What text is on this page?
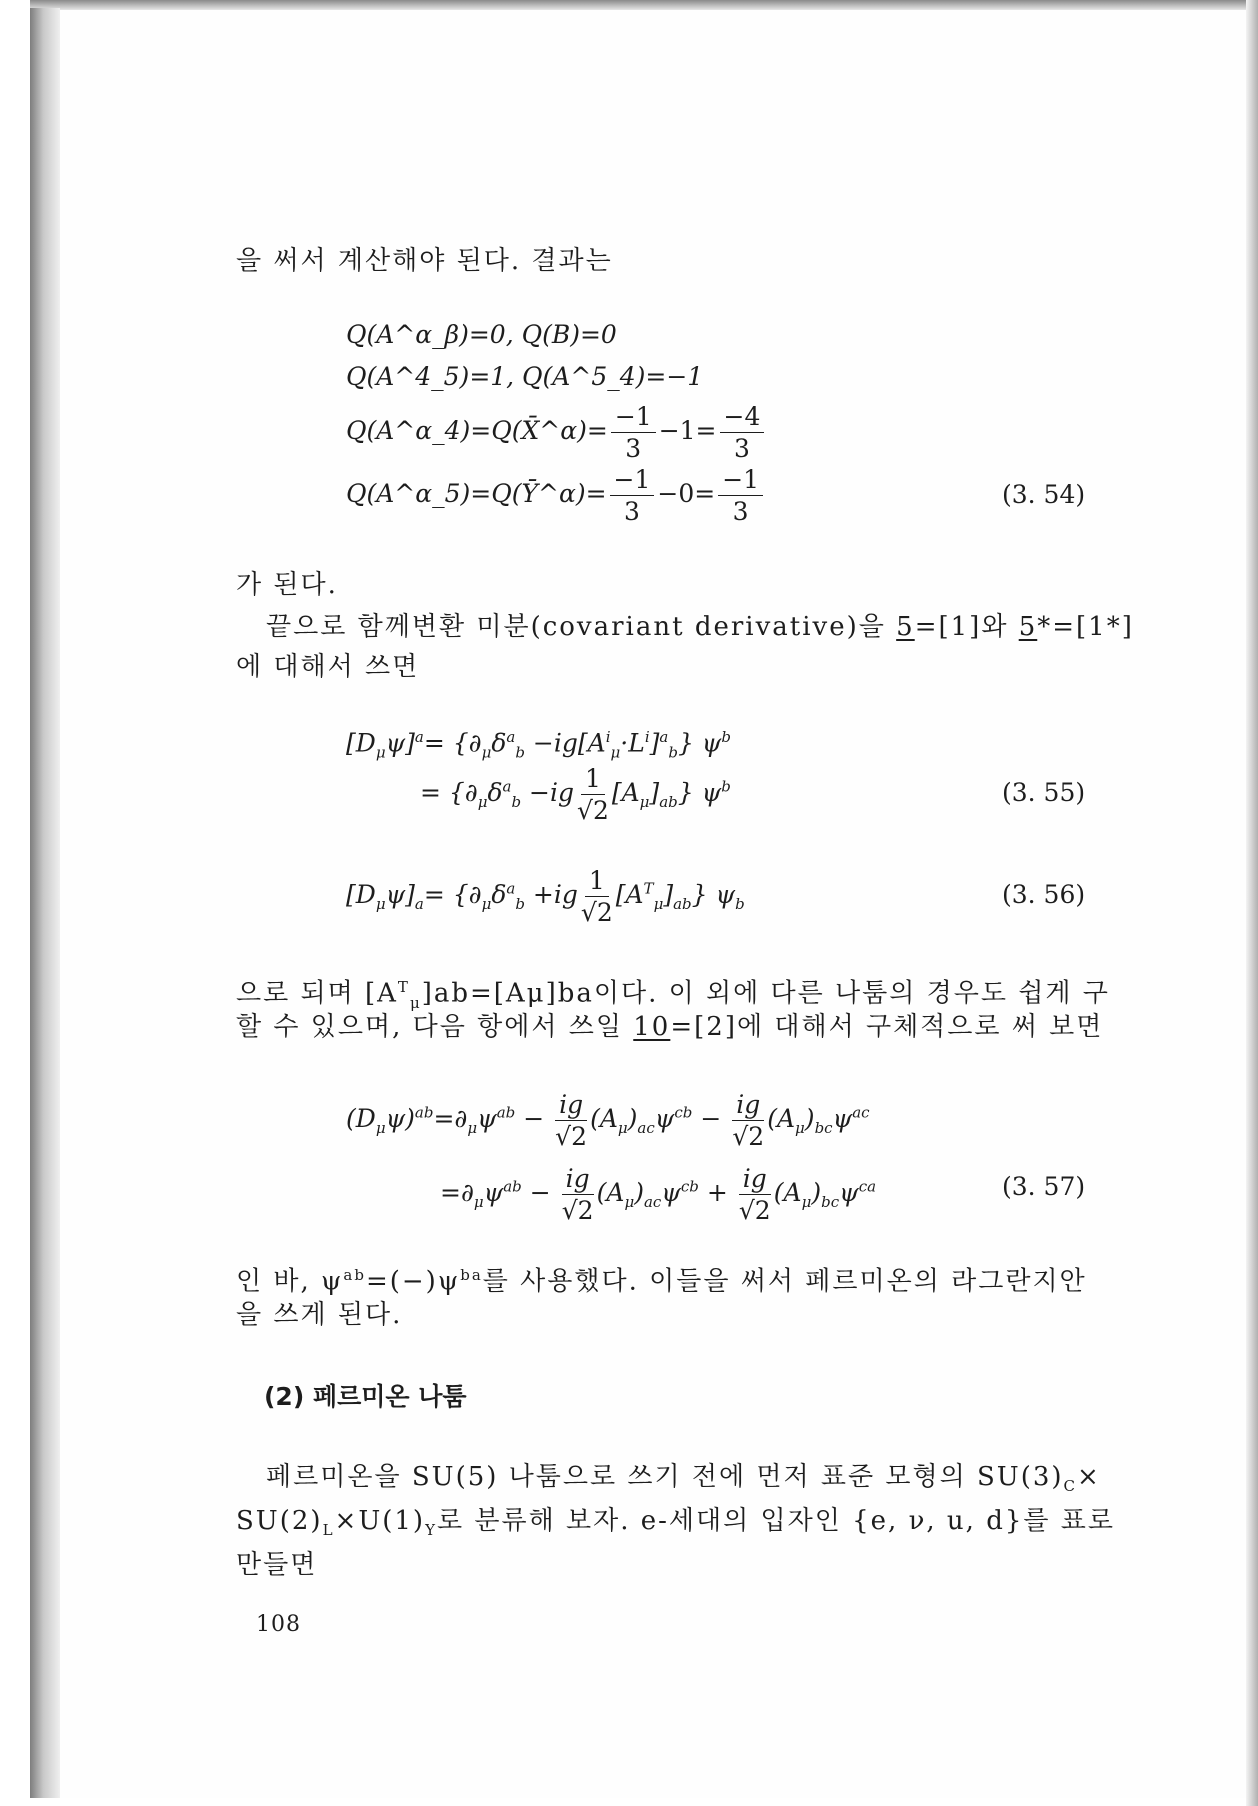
을 써서 계산해야 된다. 결과는
Q(A^α_β)=0, Q(B)=0
Q(A^4_5)=1, Q(A^5_4)=−1
Q(A^α_4)=Q(X̄^α)= $\frac{-1}{3} -1= \frac{-4}{3}$
Q(A^α_5)=Q(Ȳ^α)= $\frac{-1}{3} -0= \frac{-1}{3}$	(3. 54)
가 된다.
끝으로 함께변환 미분(covariant derivative)을 5=[1]와 5*=[1*]
에 대해서 쓰면
$[D_\mu\psi]^a= \{\partial_\mu\delta^a_b -ig[A^i_\mu\cdot L^i]^a_b\}$ $\psi^b$
= $\{\partial_\mu\delta^a_b -ig \frac{1}{√2} [A_\mu]_{ab}\}$ $\psi^b$	(3. 55)
$[D_\mu\psi]_a= \{\partial_\mu\delta^a_b +ig \frac{1}{√2} [A^T_\mu]_{ab}\}$ $\psi_b$	(3. 56)
으로 되며 $[A^T_\mu]ab=[A\mu]ba$이다. 이 외에 다른 나툼의 경우도 쉽게 구
할 수 있으며, 다음 항에서 쓰일 10=[2]에 대해서 구체적으로 써 보면
$(D_\mu\psi)^{ab}=\partial_\mu\psi^{ab} - \frac{ig}{√2} (A_\mu)_{ac}\psi^{cb} - \frac{ig}{√2} (A_\mu)_{bc}\psi^{ac}$
$=\partial_\mu\psi^{ab} - \frac{ig}{√2} (A_\mu)_{ac}\psi^{cb} + \frac{ig}{√2} (A_\mu)_{bc}\psi^{ca}$	(3. 57)
인 바, $\psi^{ab}=(-)\psi^{ba}$를 사용했다. 이들을 써서 페르미온의 라그란지안
을 쓰게 된다.
(2) 페르미온 나툼
페르미온을 SU(5) 나툼으로 쓰기 전에 먼저 표준 모형의 $SU(3)_C\times$
$SU(2)_L\times U(1)_Y$로 분류해 보자. e-세대의 입자인 {e, ν, u, d}를 표로
만들면
108
